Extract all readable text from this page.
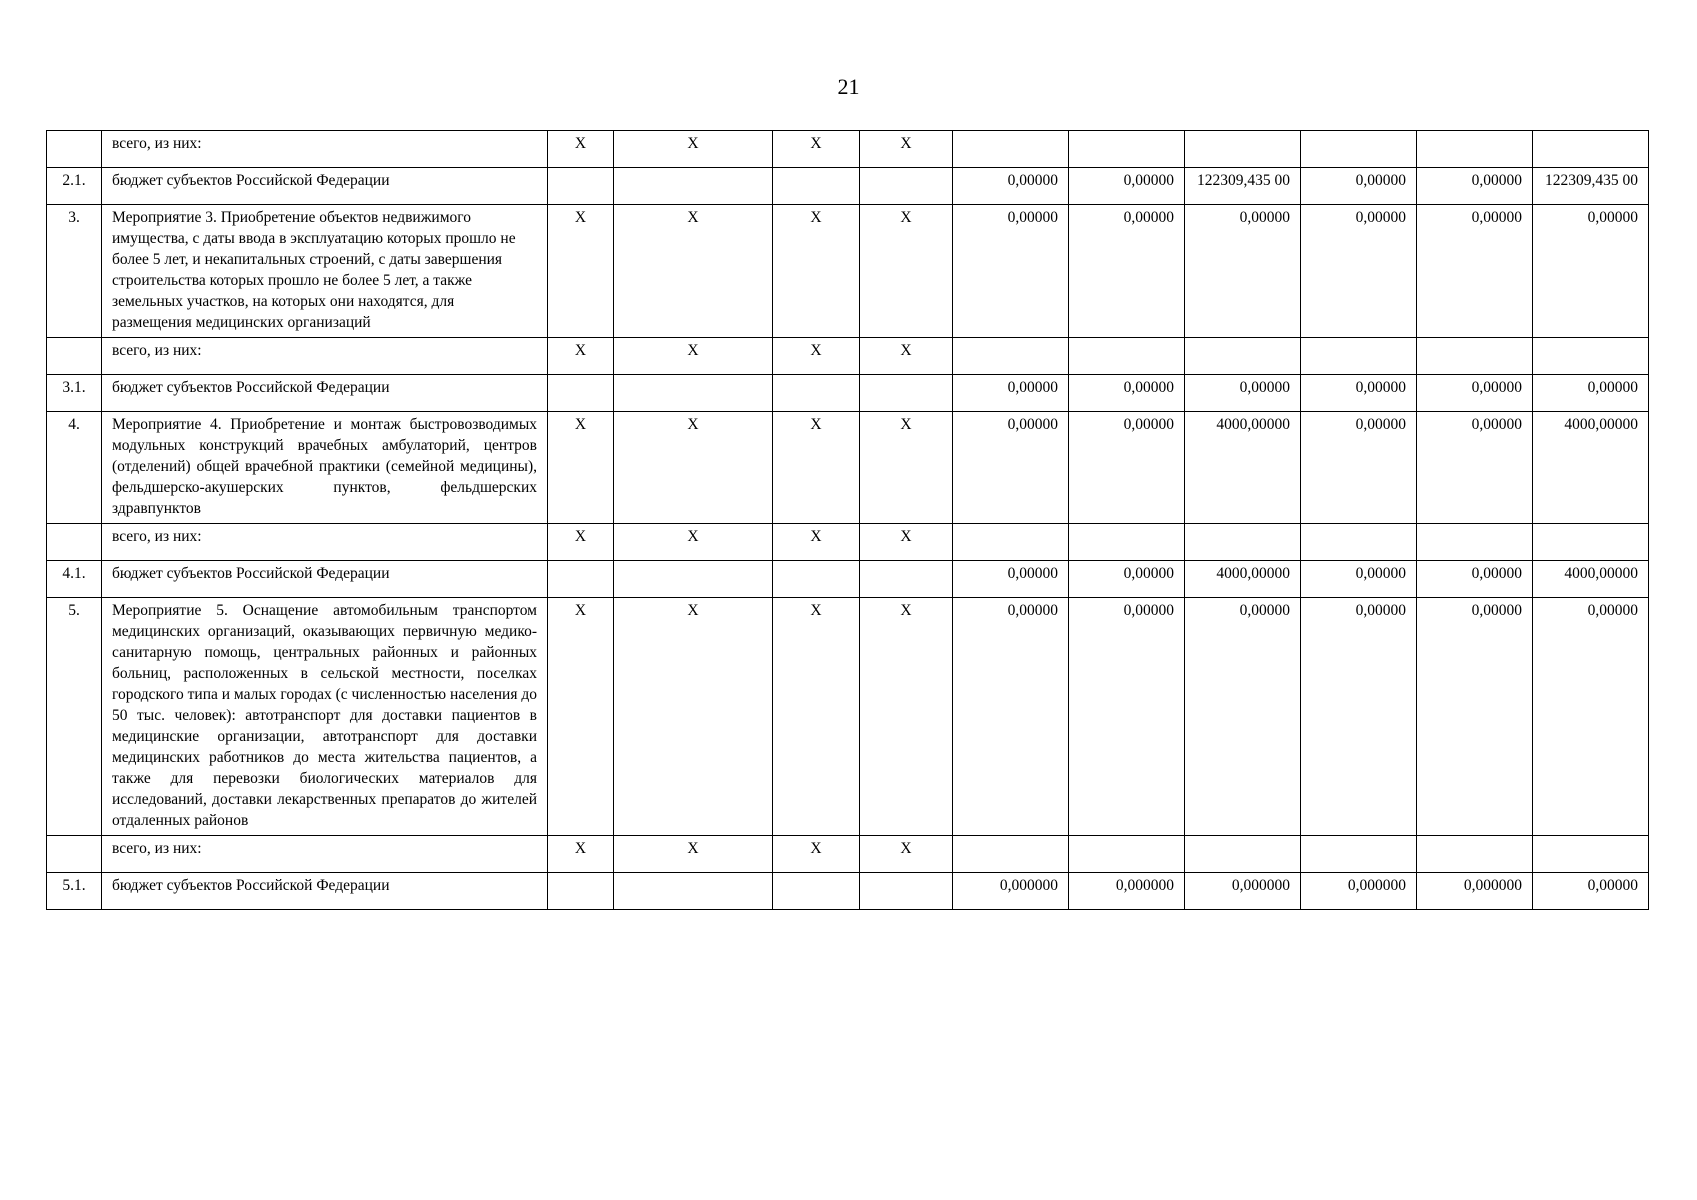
21
	всего, из них:	X	X	X	X						
2.1.	бюджет субъектов Российской Федерации					0,00000	0,00000	122309,435 00	0,00000	0,00000	122309,435 00
3.	Мероприятие 3. Приобретение объектов недвижимого имущества, с даты ввода в эксплуатацию которых прошло не более 5 лет, и некапитальных строений, с даты завершения строительства которых прошло не более 5 лет, а также земельных участков, на которых они находятся, для размещения медицинских организаций	X	X	X	X	0,00000	0,00000	0,00000	0,00000	0,00000	0,00000
	всего, из них:	X	X	X	X						
3.1.	бюджет субъектов Российской Федерации					0,00000	0,00000	0,00000	0,00000	0,00000	0,00000
4.	Мероприятие 4. Приобретение и монтаж быстровозводимых модульных конструкций врачебных амбулаторий, центров (отделений) общей врачебной практики (семейной медицины), фельдшерско-акушерских пунктов, фельдшерских здравпунктов	X	X	X	X	0,00000	0,00000	4000,00000	0,00000	0,00000	4000,00000
	всего, из них:	X	X	X	X						
4.1.	бюджет субъектов Российской Федерации					0,00000	0,00000	4000,00000	0,00000	0,00000	4000,00000
5.	Мероприятие 5. Оснащение автомобильным транспортом медицинских организаций, оказывающих первичную медико-санитарную помощь, центральных районных и районных больниц, расположенных в сельской местности, поселках городского типа и малых городах (с численностью населения до 50 тыс. человек): автотранспорт для доставки пациентов в медицинские организации, автотранспорт для доставки медицинских работников до места жительства пациентов, а также для перевозки биологических материалов для исследований, доставки лекарственных препаратов до жителей отдаленных районов	X	X	X	X	0,00000	0,00000	0,00000	0,00000	0,00000	0,00000
	всего, из них:	X	X	X	X						
5.1.	бюджет субъектов Российской Федерации					0,000000	0,000000	0,000000	0,000000	0,000000	0,00000
